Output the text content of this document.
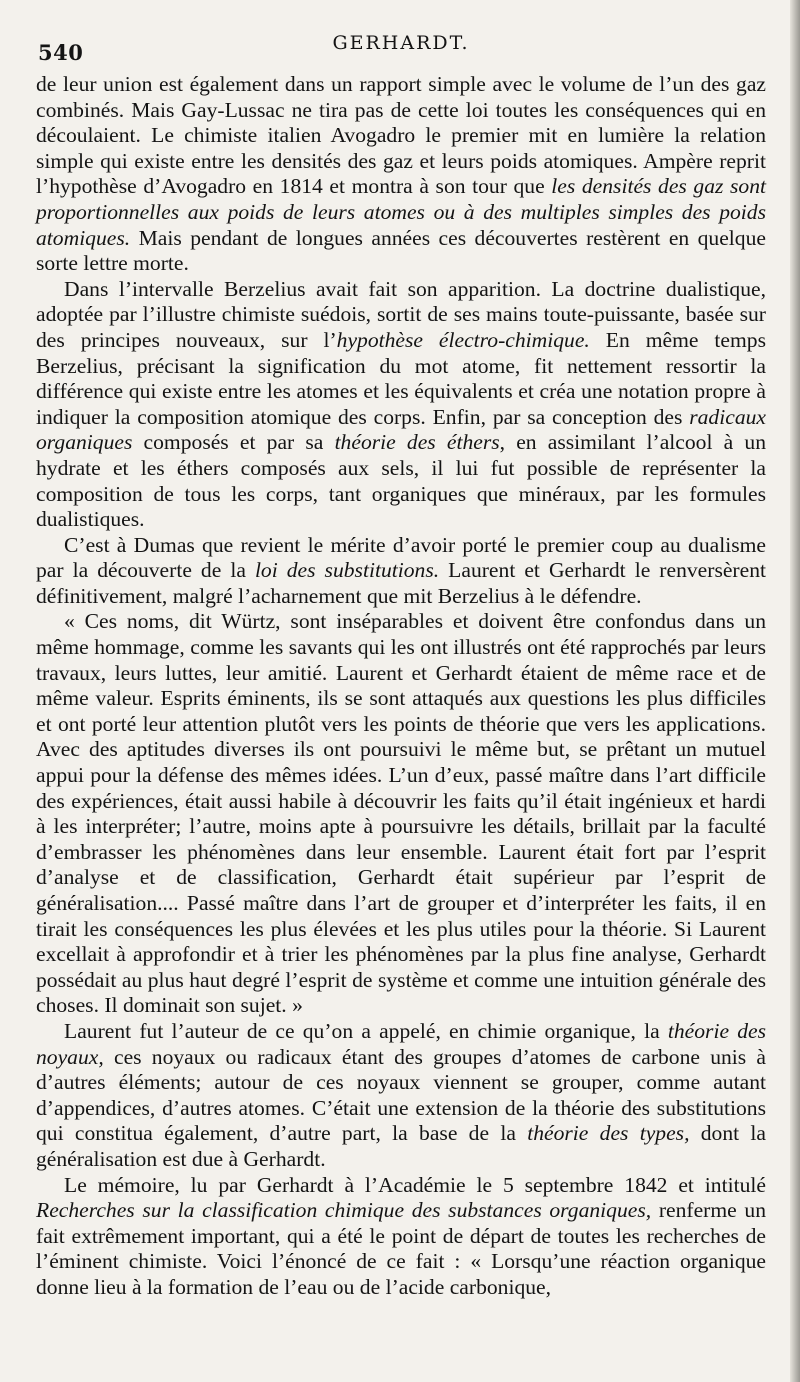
540	GERHARDT.

de leur union est également dans un rapport simple avec le volume de l’un des gaz combinés. Mais Gay-Lussac ne tira pas de cette loi toutes les conséquences qui en découlaient. Le chimiste italien Avogadro le premier mit en lumière la relation simple qui existe entre les densités des gaz et leurs poids atomiques. Ampère reprit l’hypothèse d’Avogadro en 1814 et montra à son tour que les densités des gaz sont proportionnelles aux poids de leurs atomes ou à des multiples simples des poids atomiques. Mais pendant de longues années ces découvertes restèrent en quelque sorte lettre morte.

Dans l’intervalle Berzelius avait fait son apparition. La doctrine dualistique, adoptée par l’illustre chimiste suédois, sortit de ses mains toute-puissante, basée sur des principes nouveaux, sur l’hypothèse électro-chimique. En même temps Berzelius, précisant la signification du mot atome, fit nettement ressortir la différence qui existe entre les atomes et les équivalents et créa une notation propre à indiquer la composition atomique des corps. Enfin, par sa conception des radicaux organiques composés et par sa théorie des éthers, en assimilant l’alcool à un hydrate et les éthers composés aux sels, il lui fut possible de représenter la composition de tous les corps, tant organiques que minéraux, par les formules dualistiques.

C’est à Dumas que revient le mérite d’avoir porté le premier coup au dualisme par la découverte de la loi des substitutions. Laurent et Gerhardt le renversèrent définitivement, malgré l’acharnement que mit Berzelius à le défendre.

« Ces noms, dit Würtz, sont inséparables et doivent être confondus dans un même hommage, comme les savants qui les ont illustrés ont été rapprochés par leurs travaux, leurs luttes, leur amitié. Laurent et Gerhardt étaient de même race et de même valeur. Esprits éminents, ils se sont attaqués aux questions les plus difficiles et ont porté leur attention plutôt vers les points de théorie que vers les applications. Avec des aptitudes diverses ils ont poursuivi le même but, se prêtant un mutuel appui pour la défense des mêmes idées. L’un d’eux, passé maître dans l’art difficile des expériences, était aussi habile à découvrir les faits qu’il était ingénieux et hardi à les interpréter; l’autre, moins apte à poursuivre les détails, brillait par la faculté d’embrasser les phénomènes dans leur ensemble. Laurent était fort par l’esprit d’analyse et de classification, Gerhardt était supérieur par l’esprit de généralisation.... Passé maître dans l’art de grouper et d’interpréter les faits, il en tirait les conséquences les plus élevées et les plus utiles pour la théorie. Si Laurent excellait à approfondir et à trier les phénomènes par la plus fine analyse, Gerhardt possédait au plus haut degré l’esprit de système et comme une intuition générale des choses. Il dominait son sujet. »

Laurent fut l’auteur de ce qu’on a appelé, en chimie organique, la théorie des noyaux, ces noyaux ou radicaux étant des groupes d’atomes de carbone unis à d’autres éléments; autour de ces noyaux viennent se grouper, comme autant d’appendices, d’autres atomes. C’était une extension de la théorie des substitutions qui constitua également, d’autre part, la base de la théorie des types, dont la généralisation est due à Gerhardt.

Le mémoire, lu par Gerhardt à l’Académie le 5 septembre 1842 et intitulé Recherches sur la classification chimique des substances organiques, renferme un fait extrêmement important, qui a été le point de départ de toutes les recherches de l’éminent chimiste. Voici l’énoncé de ce fait : « Lorsqu’une réaction organique donne lieu à la formation de l’eau ou de l’acide carbonique,
